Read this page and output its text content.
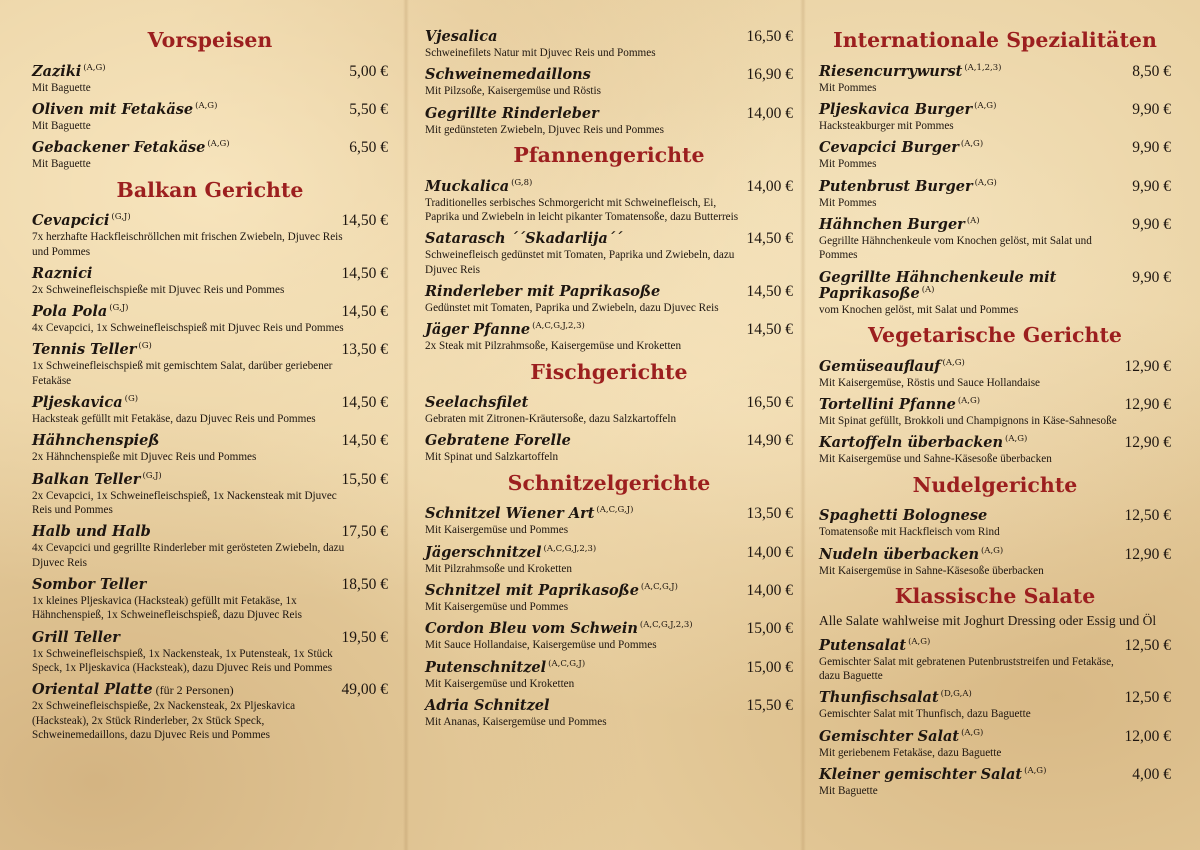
Vorspeisen
Zaziki $^{(A,G)}$	5,00 €
Mit Baguette
Oliven mit Fetakäse $^{(A,G)}$	5,50 €
Mit Baguette
Gebackener Fetakäse $^{(A,G)}$	6,50 €
Mit Baguette
Balkan Gerichte
Cevapcici $^{(G,J)}$	14,50 €
7x herzhafte Hackfleischröllchen mit frischen Zwiebeln, Djuvec Reis und Pommes
Raznici	14,50 €
2x Schweinefleischspieße mit Djuvec Reis und Pommes
Pola Pola $^{(G,J)}$	14,50 €
4x Cevapcici, 1x Schweinefleischspieß mit Djuvec Reis und Pommes
Tennis Teller $^{(G)}$	13,50 €
1x Schweinefleischspieß mit gemischtem Salat, darüber geriebener Fetakäse
Pljeskavica $^{(G)}$	14,50 €
Hacksteak gefüllt mit Fetakäse, dazu Djuvec Reis und Pommes
Hähnchenspieß	14,50 €
2x Hähnchenspieße mit Djuvec Reis und Pommes
Balkan Teller $^{(G,J)}$	15,50 €
2x Cevapcici, 1x Schweinefleischspieß, 1x Nackensteak mit Djuvec Reis und Pommes
Halb und Halb	17,50 €
4x Cevapcici und gegrillte Rinderleber mit gerösteten Zwiebeln, dazu Djuvec Reis
Sombor Teller	18,50 €
1x kleines Pljeskavica (Hacksteak) gefüllt mit Fetakäse, 1x Hähnchenspieß, 1x Schweinefleischspieß, dazu Djuvec Reis
Grill Teller	19,50 €
1x Schweinefleischspieß, 1x Nackensteak, 1x Putensteak, 1x Stück Speck, 1x Pljeskavica (Hacksteak), dazu Djuvec Reis und Pommes
Oriental Platte (für 2 Personen)	49,00 €
2x Schweinefleischspieße, 2x Nackensteak, 2x Pljeskavica (Hacksteak), 2x Stück Rinderleber, 2x Stück Speck, Schweinemedaillons, dazu Djuvec Reis und Pommes
Vjesalica	16,50 €
Schweinefilets Natur mit Djuvec Reis und Pommes
Schweinemedaillons	16,90 €
Mit Pilzsoße, Kaisergemüse und Röstis
Gegrillte Rinderleber	14,00 €
Mit gedünsteten Zwiebeln, Djuvec Reis und Pommes
Pfannengerichte
Muckalica $^{(G,8)}$	14,00 €
Traditionelles serbisches Schmorgericht mit Schweinefleisch, Ei, Paprika und Zwiebeln in leicht pikanter Tomatensoße, dazu Butterreis
Satarasch ´´Skadarlija´´	14,50 €
Schweinefleisch gedünstet mit Tomaten, Paprika und Zwiebeln, dazu Djuvec Reis
Rinderleber mit Paprikasoße	14,50 €
Gedünstet mit Tomaten, Paprika und Zwiebeln, dazu Djuvec Reis
Jäger Pfanne $^{(A,C,G,J,2,3)}$	14,50 €
2x Steak mit Pilzrahmsoße, Kaisergemüse und Kroketten
Fischgerichte
Seelachsfilet	16,50 €
Gebraten mit Zitronen-Kräutersoße, dazu Salzkartoffeln
Gebratene Forelle	14,90 €
Mit Spinat und Salzkartoffeln
Schnitzelgerichte
Schnitzel Wiener Art $^{(A,C,G,J)}$	13,50 €
Mit Kaisergemüse und Pommes
Jägerschnitzel $^{(A,C,G,J,2,3)}$	14,00 €
Mit Pilzrahmsoße und Kroketten
Schnitzel mit Paprikasoße $^{(A,C,G,J)}$	14,00 €
Mit Kaisergemüse und Pommes
Cordon Bleu vom Schwein $^{(A,C,G,J,2,3)}$	15,00 €
Mit Sauce Hollandaise, Kaisergemüse und Pommes
Putenschnitzel $^{(A,C,G,J)}$	15,00 €
Mit Kaisergemüse und Kroketten
Adria Schnitzel	15,50 €
Mit Ananas, Kaisergemüse und Pommes
Internationale Spezialitäten
Riesencurrywurst $^{(A,1,2,3)}$	8,50 €
Mit Pommes
Pljeskavica Burger $^{(A,G)}$	9,90 €
Hacksteakburger mit Pommes
Cevapcici Burger $^{(A,G)}$	9,90 €
Mit Pommes
Putenbrust Burger $^{(A,G)}$	9,90 €
Mit Pommes
Hähnchen Burger $^{(A)}$	9,90 €
Gegrillte Hähnchenkeule vom Knochen gelöst, mit Salat und Pommes
Gegrillte Hähnchenkeule mit Paprikasoße $^{(A)}$
9,90 €
vom Knochen gelöst, mit Salat und Pommes
Vegetarische Gerichte
Gemüseauflauf $^{(A,G)}$	12,90 €
Mit Kaisergemüse, Röstis und Sauce Hollandaise
Tortellini Pfanne $^{(A,G)}$	12,90 €
Mit Spinat gefüllt, Brokkoli und Champignons in Käse-Sahnesoße
Kartoffeln überbacken $^{(A,G)}$	12,90 €
Mit Kaisergemüse und Sahne-Käsesoße überbacken
Nudelgerichte
Spaghetti Bolognese	12,50 €
Tomatensoße mit Hackfleisch vom Rind
Nudeln überbacken $^{(A,G)}$	12,90 €
Mit Kaisergemüse in Sahne-Käsesoße überbacken
Klassische Salate
Alle Salate wahlweise mit Joghurt Dressing oder Essig und Öl
Putensalat $^{(A,G)}$	12,50 €
Gemischter Salat mit gebratenen Putenbruststreifen und Fetakäse, dazu Baguette
Thunfischsalat $^{(D,G,A)}$	12,50 €
Gemischter Salat mit Thunfisch, dazu Baguette
Gemischter Salat $^{(A,G)}$	12,00 €
Mit geriebenem Fetakäse, dazu Baguette
Kleiner gemischter Salat $^{(A,G)}$	4,00 €
Mit Baguette
